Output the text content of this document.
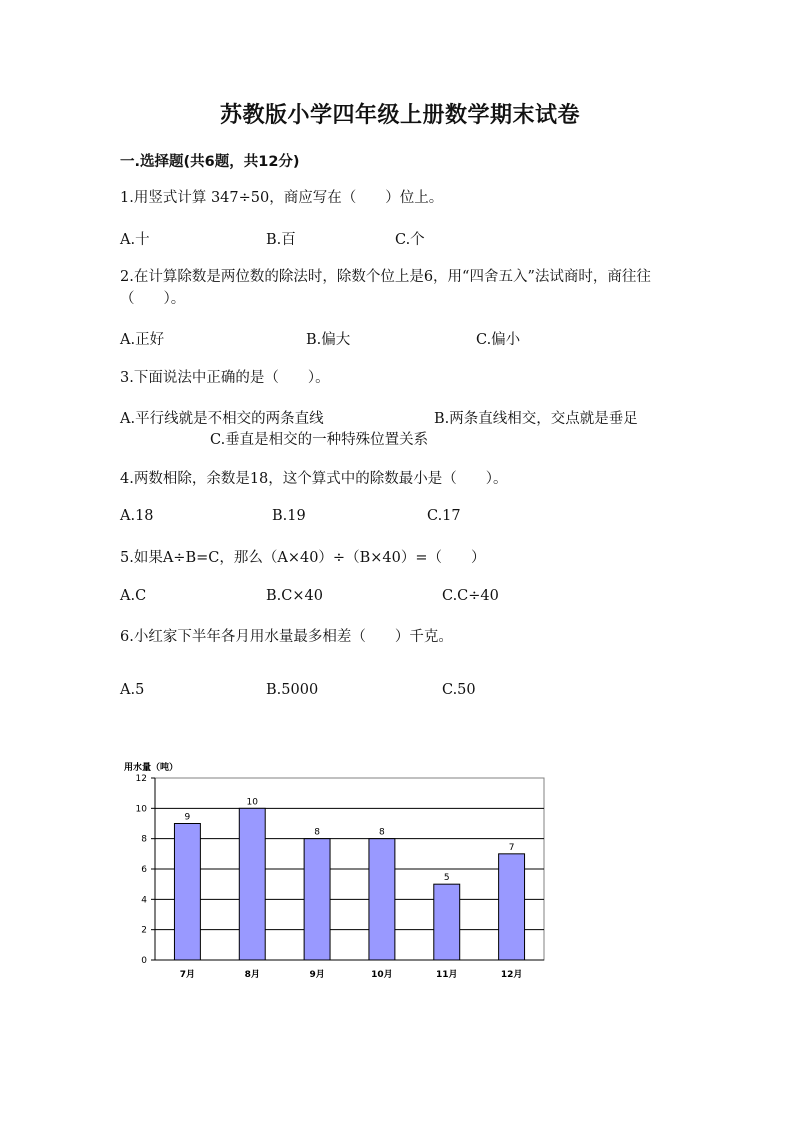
苏教版小学四年级上册数学期末试卷
一.选择题(共6题，共12分)
1.用竖式计算 347÷50，商应写在（　　）位上。
A.十	B.百	C.个
2.在计算除数是两位数的除法时，除数个位上是6，用“四舍五入”法试商时，商往往（　　）。
A.正好	B.偏大	C.偏小
3.下面说法中正确的是（　　）。
A.平行线就是不相交的两条直线	B.两条直线相交，交点就是垂足
C.垂直是相交的一种特殊位置关系
4.两数相除，余数是18，这个算式中的除数最小是（　　）。
A.18	B.19	C.17
5.如果A÷B=C，那么（A×40）÷（B×40）=（　　）
A.C	B.C×40	C.C÷40
6.小红家下半年各月用水量最多相差（　　）千克。
A.5	B.5000	C.50
用水量（吨）
0
2
4
6
8
10
12
9
7月
10
8月
8
9月
8
10月
5
11月
7
12月
